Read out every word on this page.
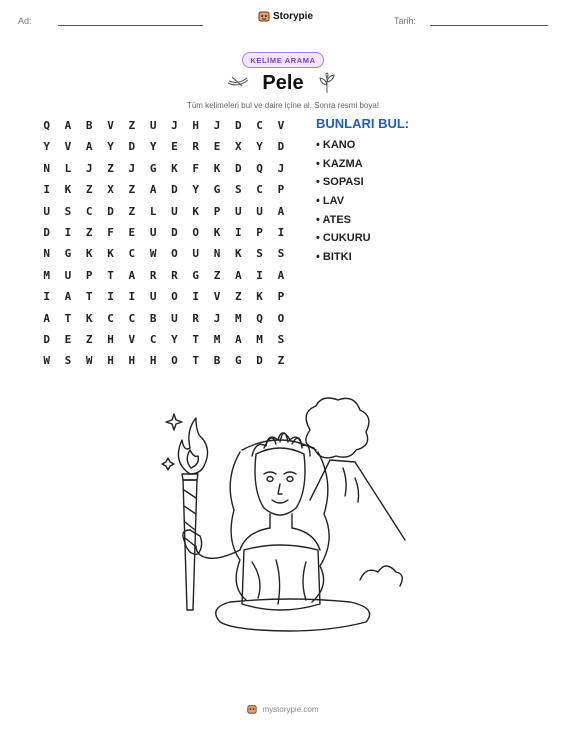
Ad:	Storypie	Tarih:
KELİME ARAMA
Pele
Tüm kelimeleri bul ve daire içine al. Sonra resmi boya!
Q	A	B	V	Z	U	J	H	J	D	C	V
Y	V	A	Y	D	Y	E	R	E	X	Y	D
N	L	J	Z	J	G	K	F	K	D	Q	J
I	K	Z	X	Z	A	D	Y	G	S	C	P
U	S	C	D	Z	L	U	K	P	U	U	A
D	I	Z	F	E	U	D	O	K	I	P	I
N	G	K	K	C	W	O	U	N	K	S	S
M	U	P	T	A	R	R	G	Z	A	I	A
I	A	T	I	I	U	O	I	V	Z	K	P
A	T	K	C	C	B	U	R	J	M	Q	O
D	E	Z	H	V	C	Y	T	M	A	M	S
W	S	W	H	H	H	O	T	B	G	D	Z
BUNLARI BUL:
• KANO
• KAZMA
• SOPASI
• LAV
• ATES
• CUKURU
• BITKI
mystorypie.com
